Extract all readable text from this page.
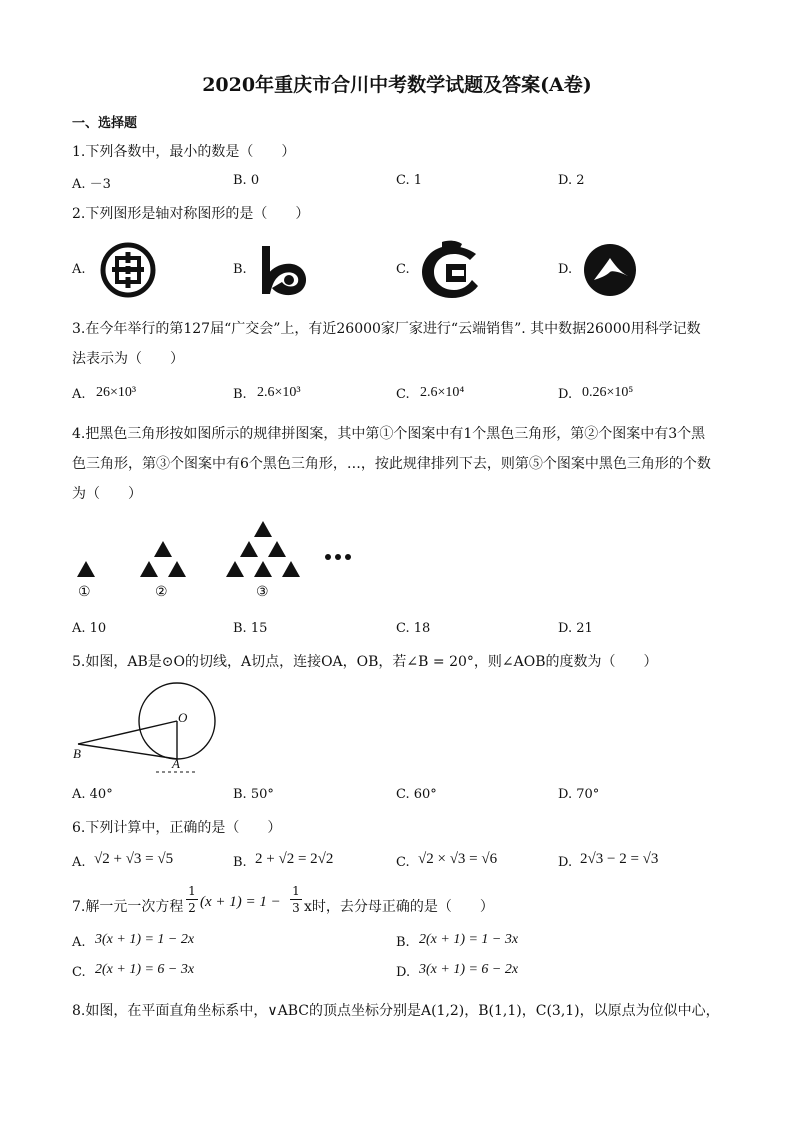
2020年重庆市合川中考数学试题及答案(A卷)
一、选择题
1.下列各数中，最小的数是（　　）
A. －3	B. 0	C. 1	D. 2
2.下列图形是轴对称图形的是（　　）
A.	B.	C.	D.
3.在今年举行的第127届“广交会”上，有近26000家厂家进行“云端销售”. 其中数据26000用科学记数
法表示为（　　）
A. 26×10³	B. 2.6×10³	C. 2.6×10⁴	D. 0.26×10⁵
4.把黑色三角形按如图所示的规律拼图案，其中第①个图案中有1个黑色三角形，第②个图案中有3个黑
色三角形，第③个图案中有6个黑色三角形，…，按此规律排列下去，则第⑤个图案中黑色三角形的个数
为（　　）
①	②	③
A. 10	B. 15	C. 18	D. 21
5.如图，AB是⊙O的切线，A切点，连接OA，OB，若∠B = 20°，则∠AOB的度数为（　　）
O
B
A
A. 40°	B. 50°	C. 60°	D. 70°
6.下列计算中，正确的是（　　）
A. √2 + √3 = √5	B. 2 + √2 = 2√2	C. √2 × √3 = √6	D. 2√3 − 2 = √3
7.解一元一次方程
1
2 (x + 1) = 1 −
1
3 x时，去分母正确的是（　　）
A. 3(x + 1) = 1 − 2x	B. 2(x + 1) = 1 − 3x
C. 2(x + 1) = 6 − 3x	D. 3(x + 1) = 6 − 2x
8.如图，在平面直角坐标系中，∨ABC的顶点坐标分别是A(1,2)，B(1,1)，C(3,1)，以原点为位似中心，
